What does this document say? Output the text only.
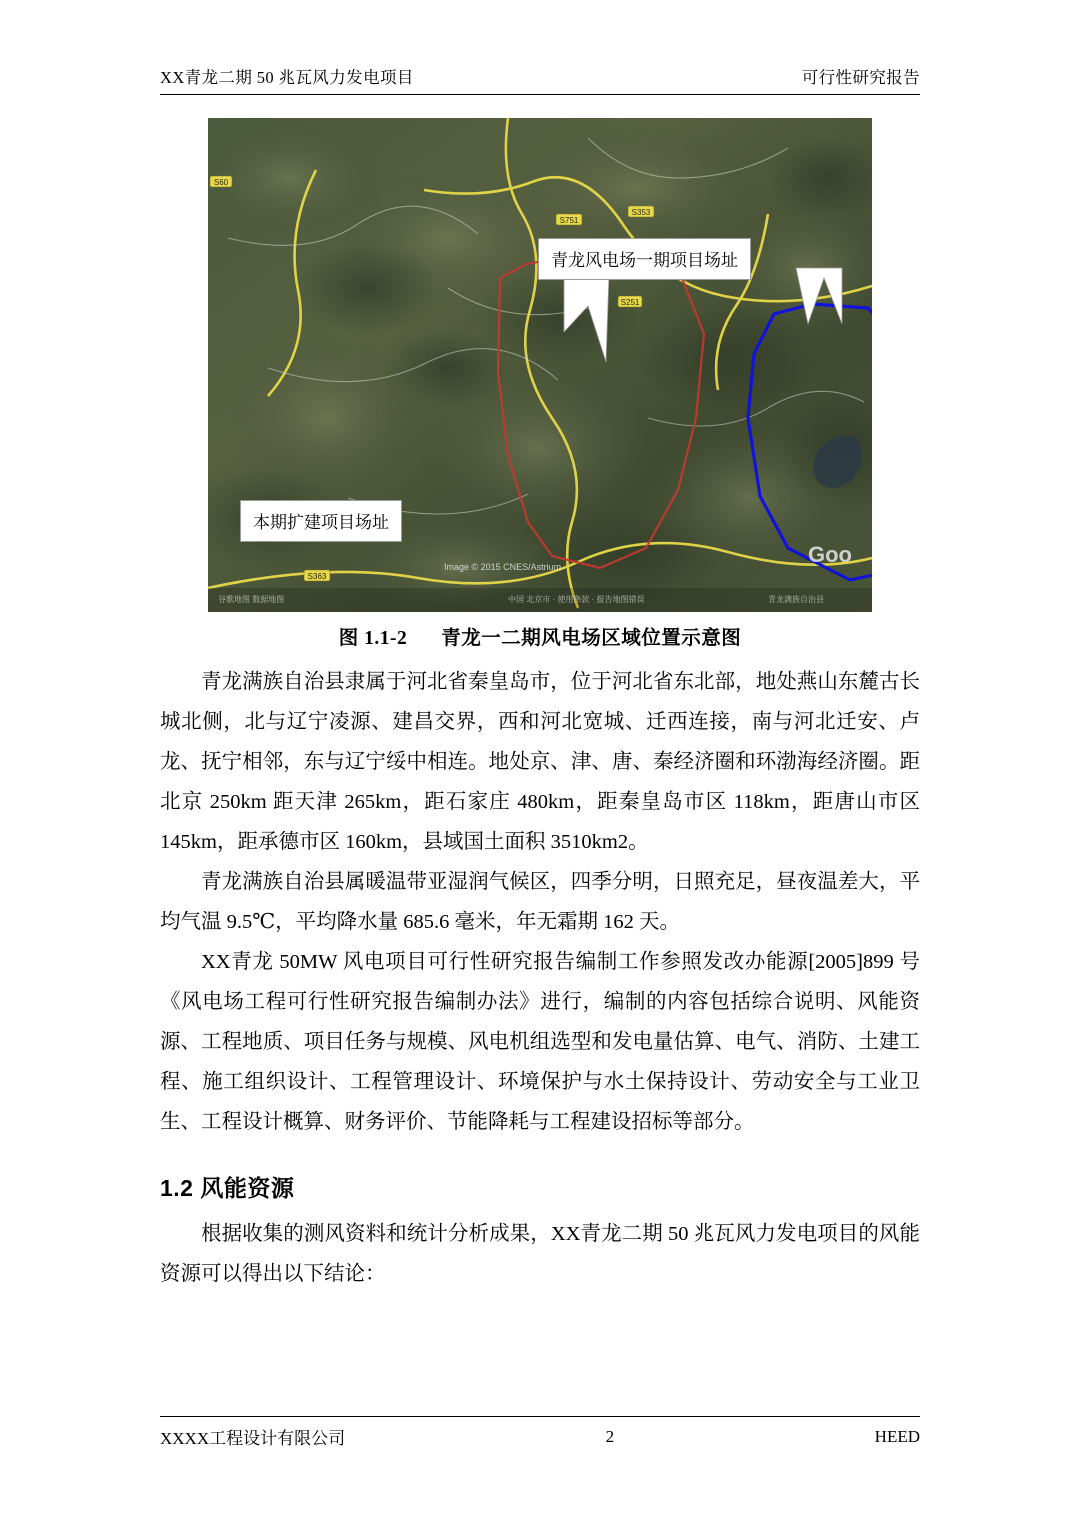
XX青龙二期 50 兆瓦风力发电项目	可行性研究报告
S60
S751
S353
S251
S363
Image © 2015 CNES/Astrium	Goo
谷歌地图 数据地图	中国 北京市 · 使用条款 · 报告地图错误	青龙满族自治县
青龙风电场一期项目场址
本期扩建项目场址
图 1.1-2 青龙一二期风电场区域位置示意图

青龙满族自治县隶属于河北省秦皇岛市，位于河北省东北部，地处燕山东麓古长城北侧，北与辽宁凌源、建昌交界，西和河北宽城、迁西连接，南与河北迁安、卢龙、抚宁相邻，东与辽宁绥中相连。地处京、津、唐、秦经济圈和环渤海经济圈。距北京 250km 距天津 265km，距石家庄 480km，距秦皇岛市区 118km，距唐山市区 145km，距承德市区 160km，县域国土面积 3510km2。

青龙满族自治县属暖温带亚湿润气候区，四季分明，日照充足，昼夜温差大，平均气温 9.5℃，平均降水量 685.6 毫米，年无霜期 162 天。

XX青龙 50MW 风电项目可行性研究报告编制工作参照发改办能源[2005]899 号《风电场工程可行性研究报告编制办法》进行，编制的内容包括综合说明、风能资源、工程地质、项目任务与规模、风电机组选型和发电量估算、电气、消防、土建工程、施工组织设计、工程管理设计、环境保护与水土保持设计、劳动安全与工业卫生、工程设计概算、财务评价、节能降耗与工程建设招标等部分。

1.2 风能资源

根据收集的测风资料和统计分析成果，XX青龙二期 50 兆瓦风力发电项目的风能资源可以得出以下结论：

XXXX工程设计有限公司	2	HEED
